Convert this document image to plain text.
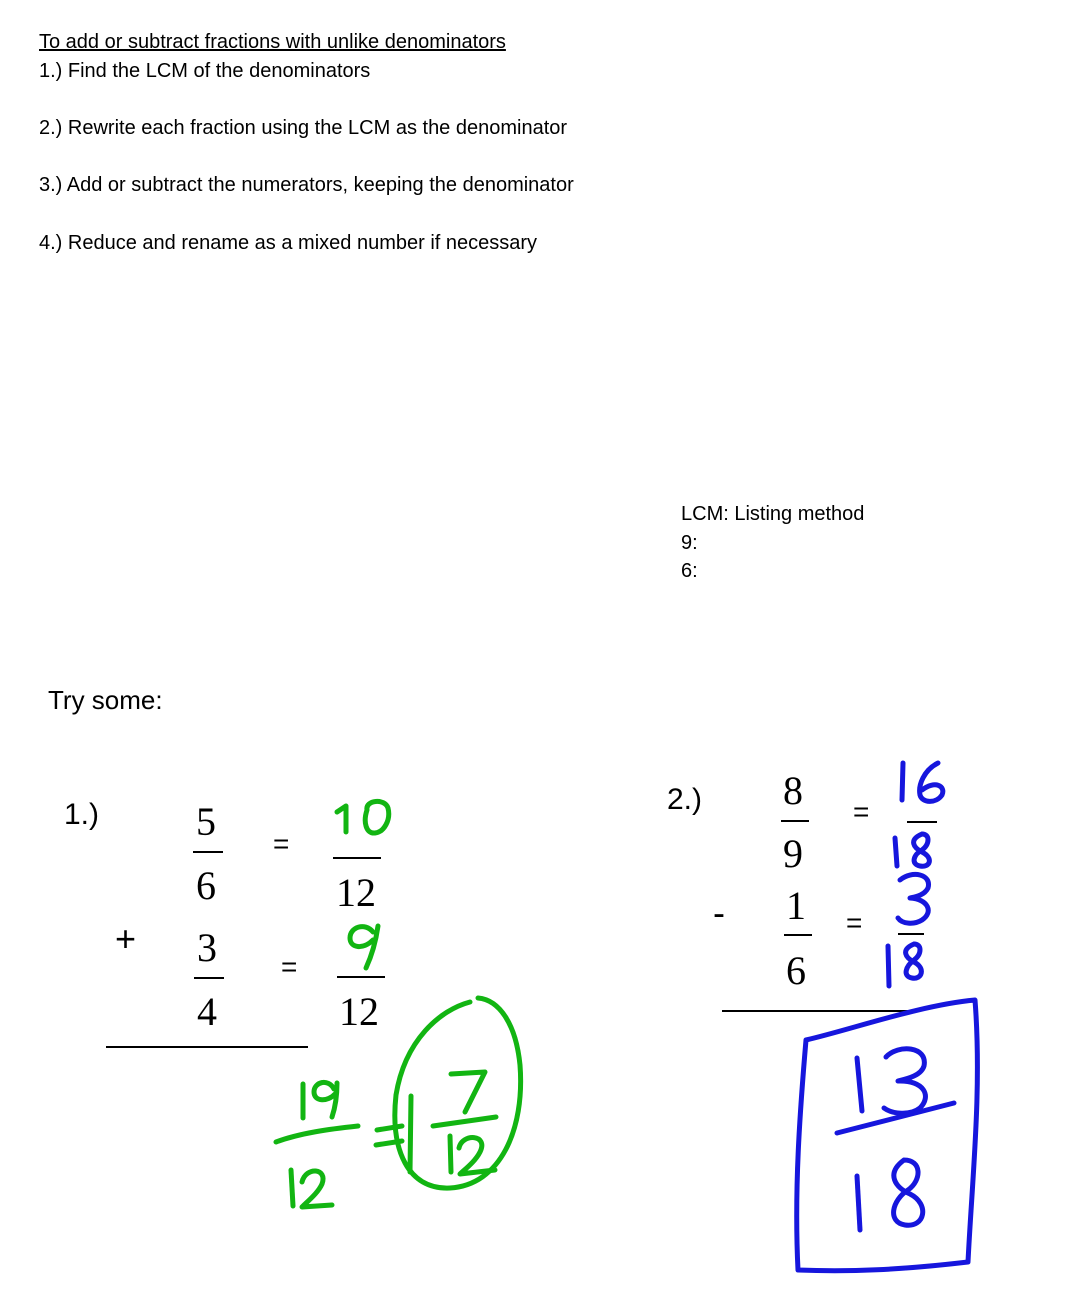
To add or subtract fractions with unlike denominators
1.) Find the LCM of the denominators
2.) Rewrite each fraction using the LCM as the denominator
3.) Add or subtract the numerators, keeping the denominator
4.) Reduce and rename as a mixed number if necessary
LCM: Listing method
9:
6:
Try some:
1.) 5
6
=
12
+ 3
4
=
12
2.) 8
9
=
- 1
6
=
